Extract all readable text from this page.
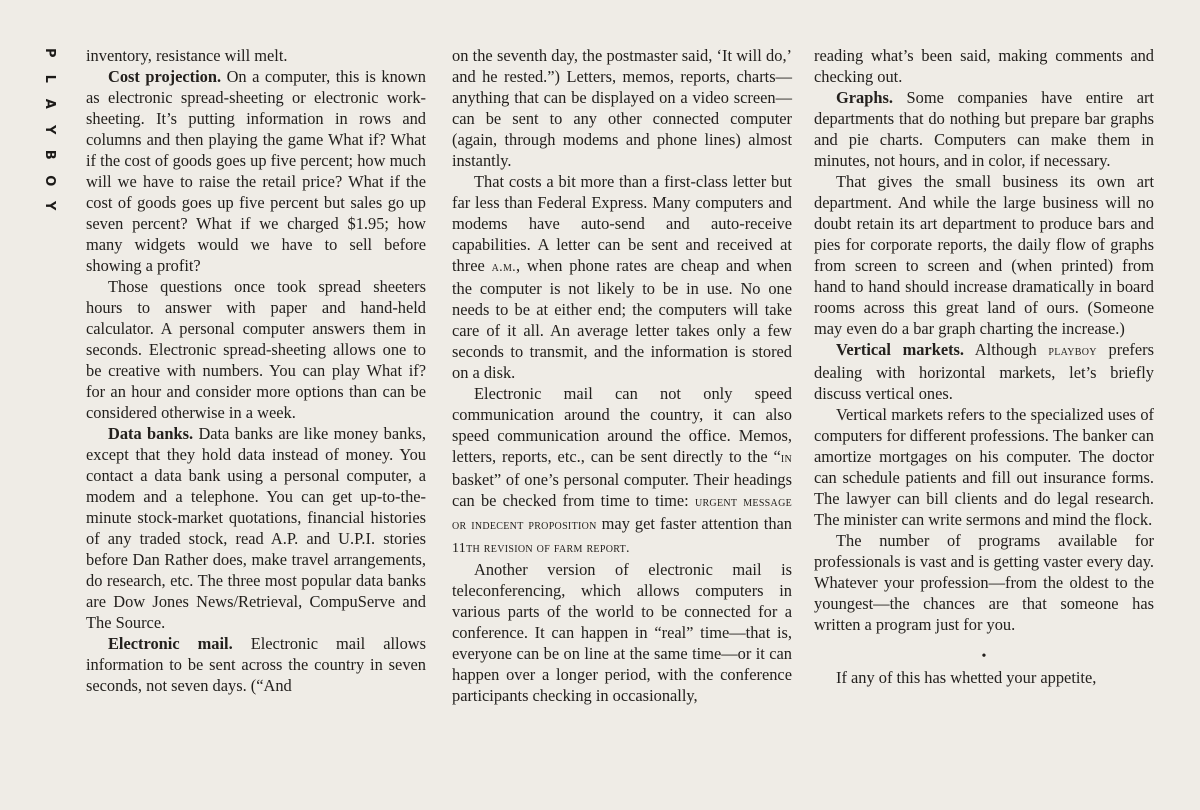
P
L
A
Y
B
O
Y

inventory, resistance will melt.

Cost projection. On a computer, this is known as electronic spread-sheeting or electronic work-sheeting. It’s putting information in rows and columns and then playing the game What if? What if the cost of goods goes up five percent; how much will we have to raise the retail price? What if the cost of goods goes up five percent but sales go up seven percent? What if we charged $1.95; how many widgets would we have to sell before showing a profit?

Those questions once took spread sheeters hours to answer with paper and hand-held calculator. A personal computer answers them in seconds. Electronic spread-sheeting allows one to be creative with numbers. You can play What if? for an hour and consider more options than can be considered otherwise in a week.

Data banks. Data banks are like money banks, except that they hold data instead of money. You contact a data bank using a personal computer, a modem and a telephone. You can get up-to-the-minute stock-market quotations, financial histories of any traded stock, read A.P. and U.P.I. stories before Dan Rather does, make travel arrangements, do research, etc. The three most popular data banks are Dow Jones News/Retrieval, CompuServe and The Source.

Electronic mail. Electronic mail allows information to be sent across the country in seven seconds, not seven days. (“And

on the seventh day, the postmaster said, ‘It will do,’ and he rested.”) Letters, memos, reports, charts—anything that can be displayed on a video screen—can be sent to any other connected computer (again, through modems and phone lines) almost instantly.

That costs a bit more than a first-class letter but far less than Federal Express. Many computers and modems have auto-send and auto-receive capabilities. A letter can be sent and received at three a.m., when phone rates are cheap and when the computer is not likely to be in use. No one needs to be at either end; the computers will take care of it all. An average letter takes only a few seconds to transmit, and the information is stored on a disk.

Electronic mail can not only speed communication around the country, it can also speed communication around the office. Memos, letters, reports, etc., can be sent directly to the “in basket” of one’s personal computer. Their headings can be checked from time to time: urgent message or indecent proposition may get faster attention than 11th revision of farm report.

Another version of electronic mail is teleconferencing, which allows computers in various parts of the world to be connected for a conference. It can happen in “real” time—that is, everyone can be on line at the same time—or it can happen over a longer period, with the conference participants checking in occasionally,

reading what’s been said, making comments and checking out.

Graphs. Some companies have entire art departments that do nothing but prepare bar graphs and pie charts. Computers can make them in minutes, not hours, and in color, if necessary.

That gives the small business its own art department. And while the large business will no doubt retain its art department to produce bars and pies for corporate reports, the daily flow of graphs from screen to screen and (when printed) from hand to hand should increase dramatically in board rooms across this great land of ours. (Someone may even do a bar graph charting the increase.)

Vertical markets. Although playboy prefers dealing with horizontal markets, let’s briefly discuss vertical ones.

Vertical markets refers to the specialized uses of computers for different professions. The banker can amortize mortgages on his computer. The doctor can schedule patients and fill out insurance forms. The lawyer can bill clients and do legal research. The minister can write sermons and mind the flock.

The number of programs available for professionals is vast and is getting vaster every day. Whatever your profession—from the oldest to the youngest—the chances are that someone has written a program just for you.

•

If any of this has whetted your appetite,
